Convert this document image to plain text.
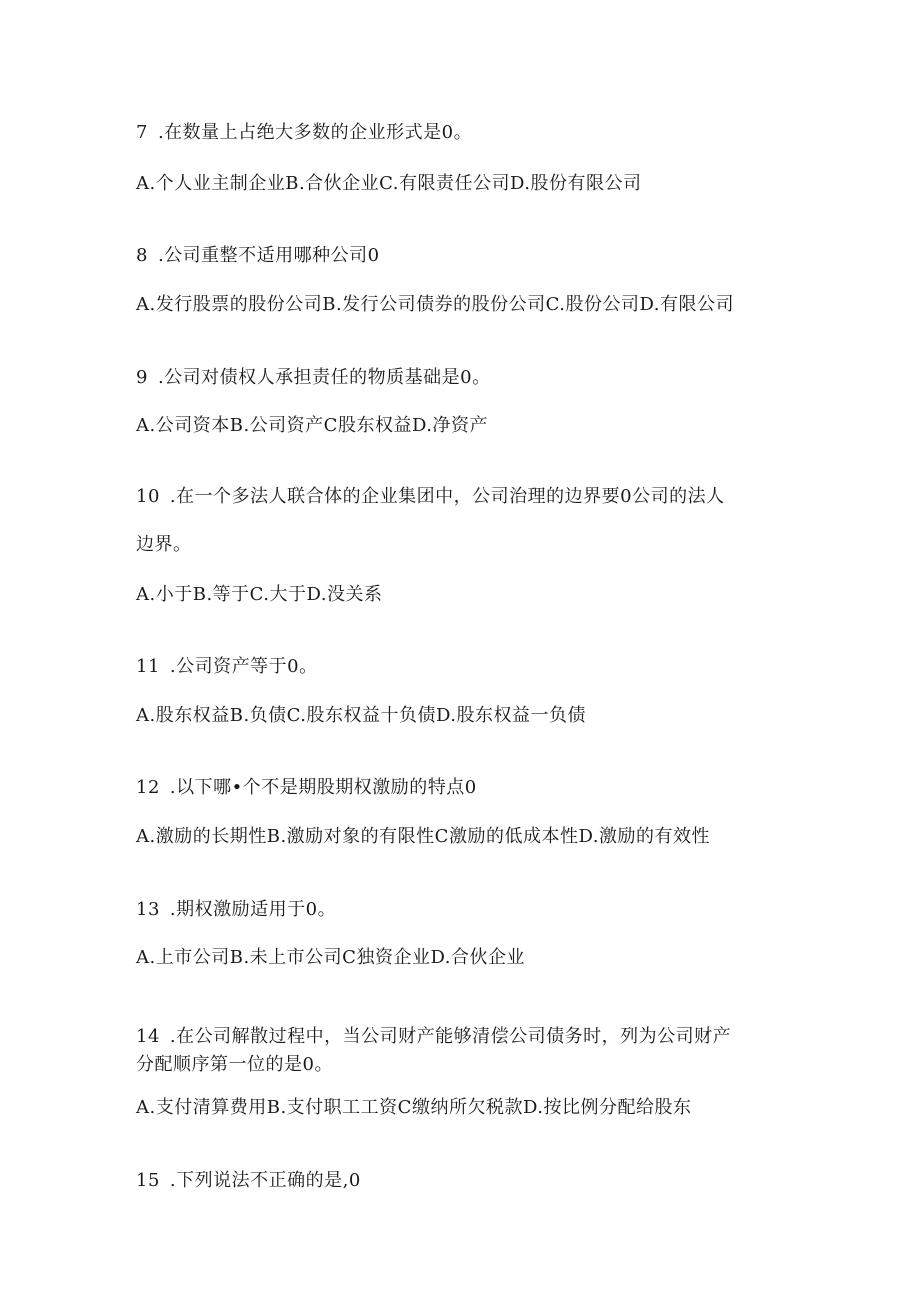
7 .在数量上占绝大多数的企业形式是0。
A.个人业主制企业B.合伙企业C.有限责任公司D.股份有限公司
8 .公司重整不适用哪种公司0
A.发行股票的股份公司B.发行公司债券的股份公司C.股份公司D.有限公司
9 .公司对债权人承担责任的物质基础是0。
A.公司资本B.公司资产C股东权益D.净资产
10 .在一个多法人联合体的企业集团中，公司治理的边界要0公司的法人
边界。
A.小于B.等于C.大于D.没关系
11 .公司资产等于0。
A.股东权益B.负债C.股东权益十负债D.股东权益一负债
12 .以下哪•个不是期股期权激励的特点0
A.激励的长期性B.激励对象的有限性C激励的低成本性D.激励的有效性
13 .期权激励适用于0。
A.上市公司B.未上市公司C独资企业D.合伙企业
14 .在公司解散过程中，当公司财产能够清偿公司债务时，列为公司财产
分配顺序第一位的是0。
A.支付清算费用B.支付职工工资C缴纳所欠税款D.按比例分配给股东
15 .下列说法不正确的是,0
